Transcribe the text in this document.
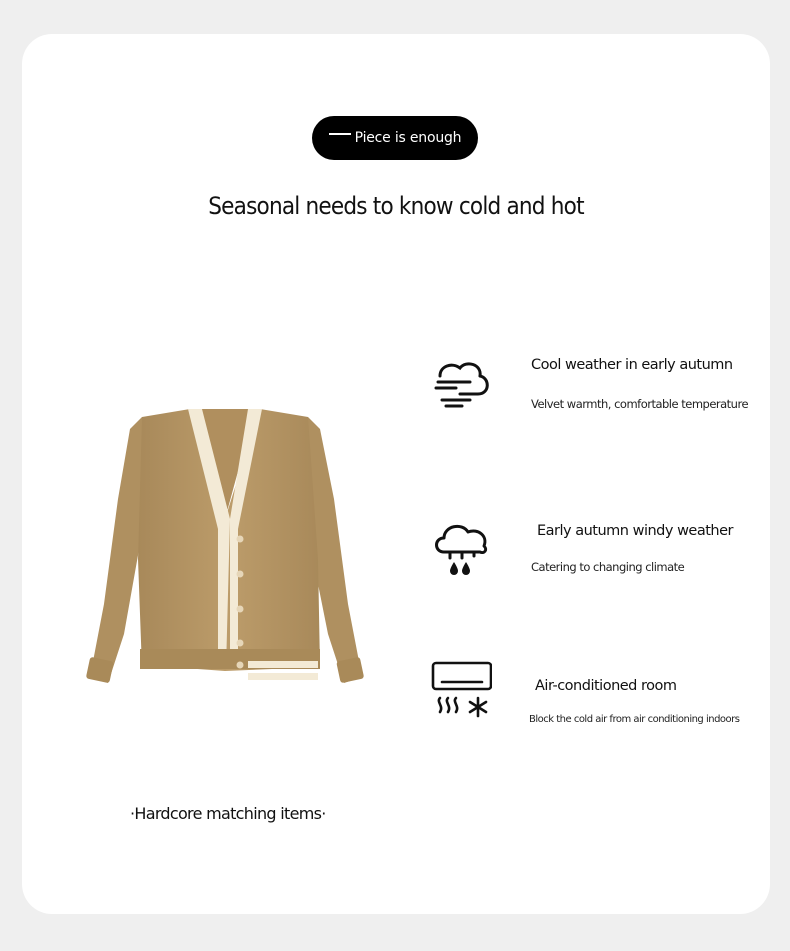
Piece is enough
Seasonal needs to know cold and hot
Cool weather in early autumn
Velvet warmth, comfortable temperature
Early autumn windy weather
Catering to changing climate
Air-conditioned room
Block the cold air from air conditioning indoors
·Hardcore matching items·
